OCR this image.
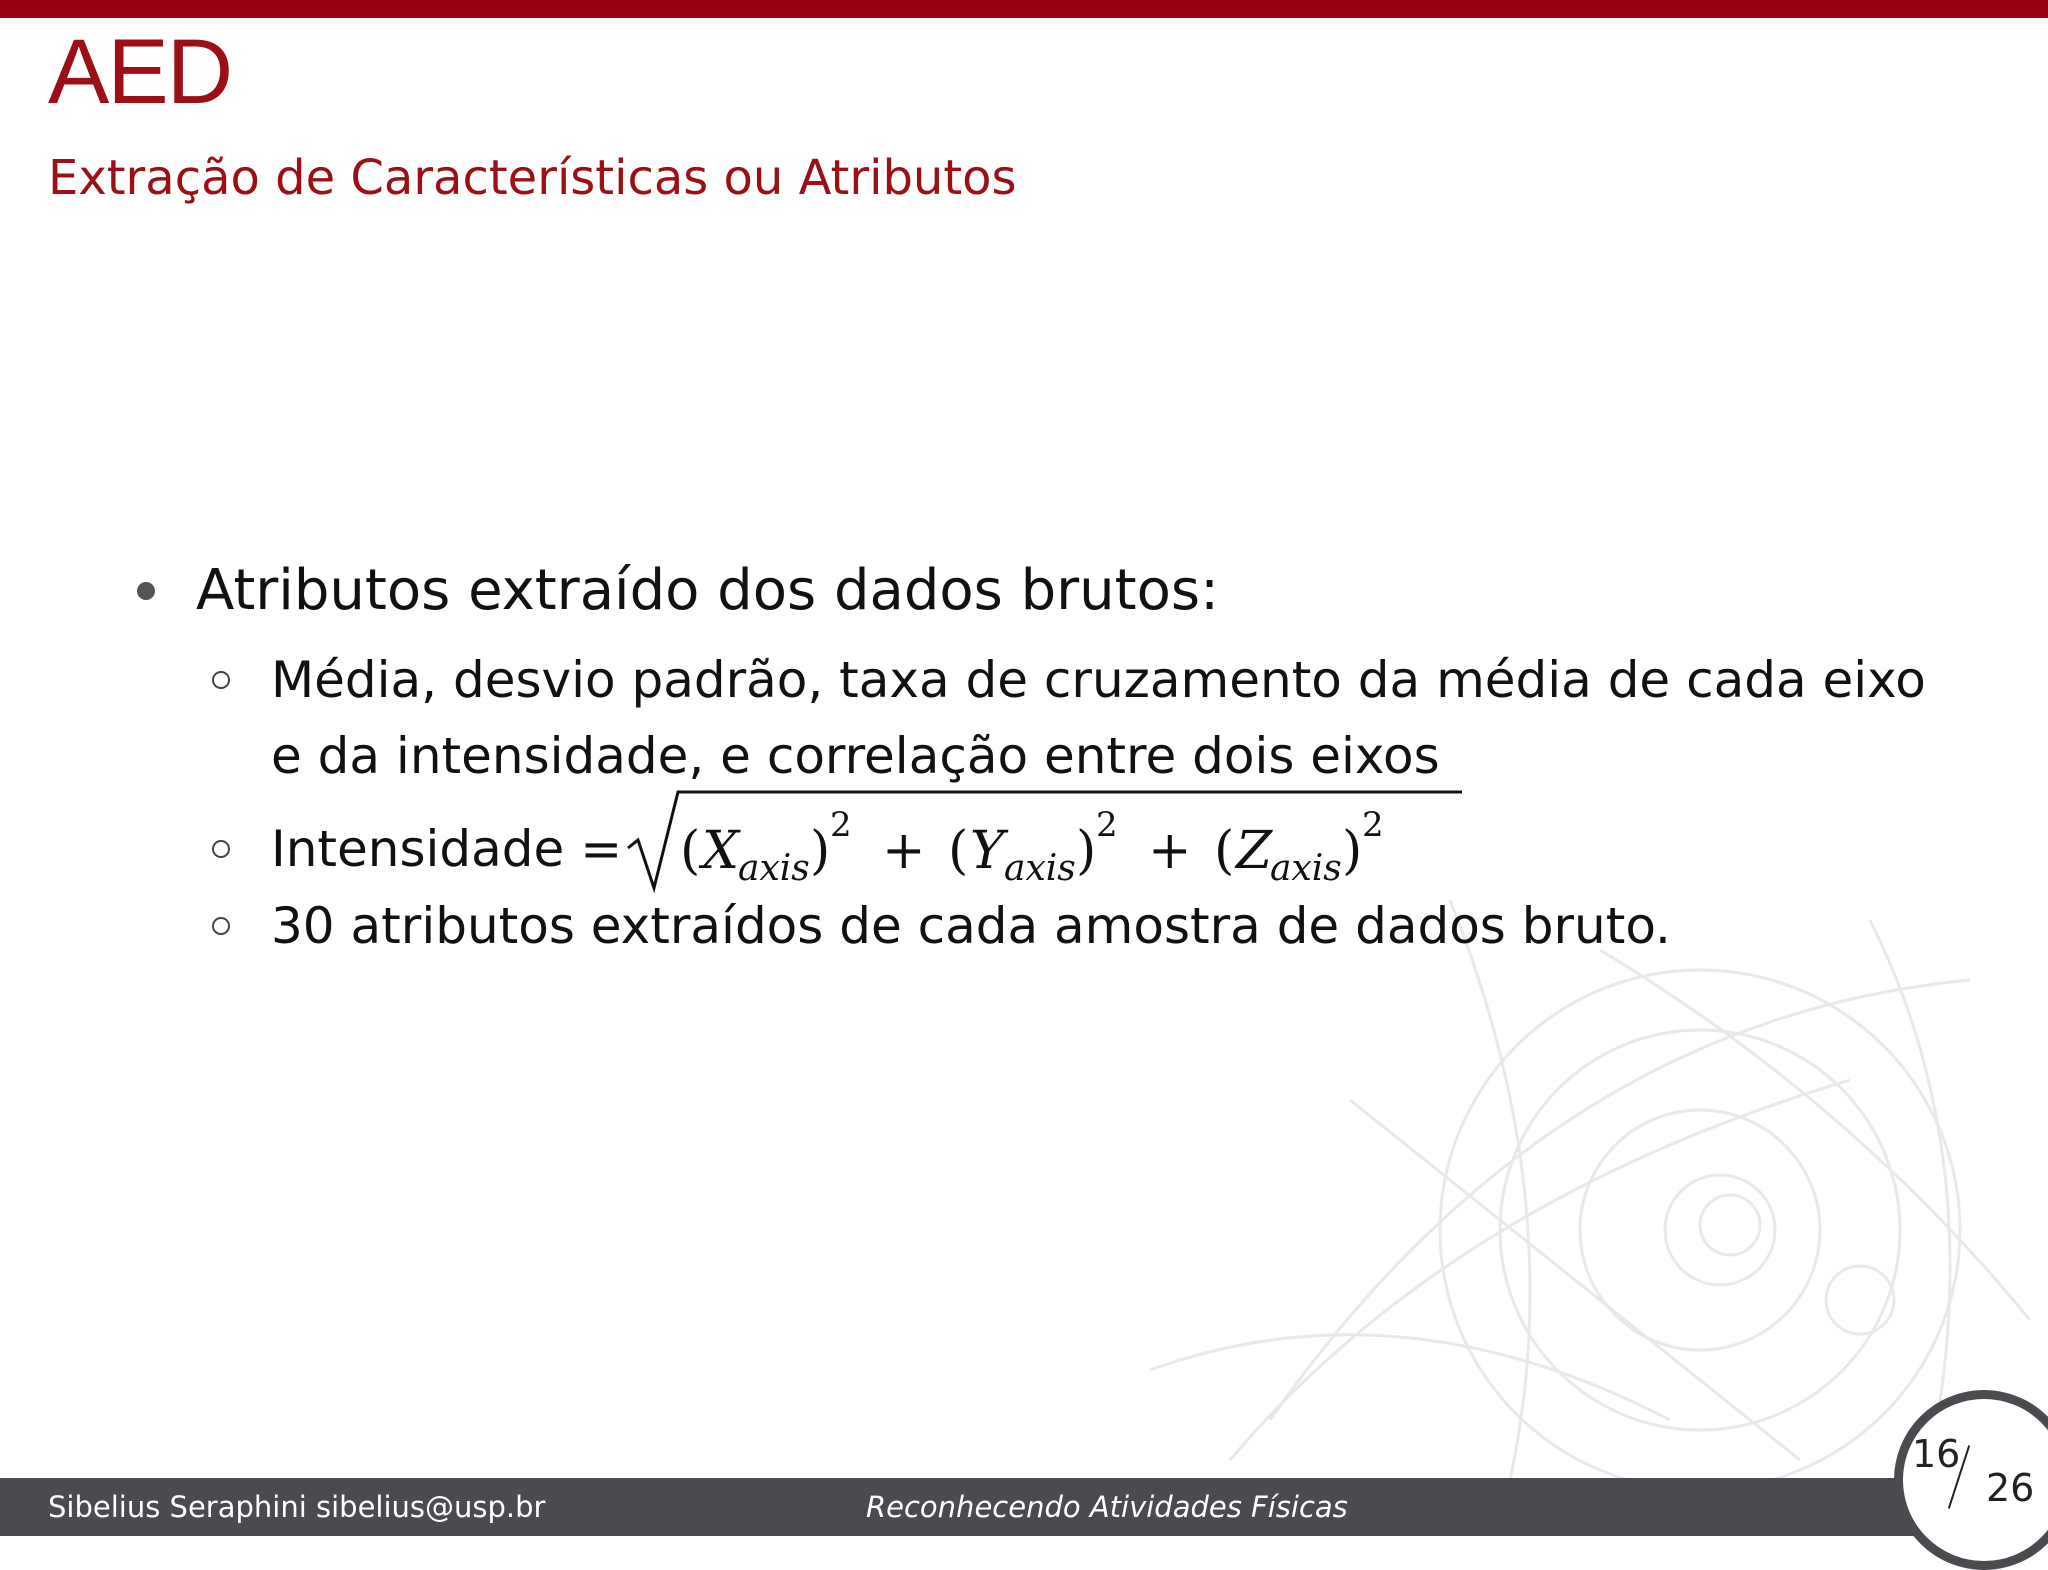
AED
Extração de Características ou Atributos
Atributos extraído dos dados brutos:
Média, desvio padrão, taxa de cruzamento da média de cada eixo
e da intensidade, e correlação entre dois eixos
Intensidade = ( X
axis ) 2 + ( Y axis ) 2 + ( Z
axis ) 2
30 atributos extraídos de cada amostra de dados bruto.
Sibelius Seraphini sibelius@usp.br	Reconhecendo Atividades Físicas
16
26
